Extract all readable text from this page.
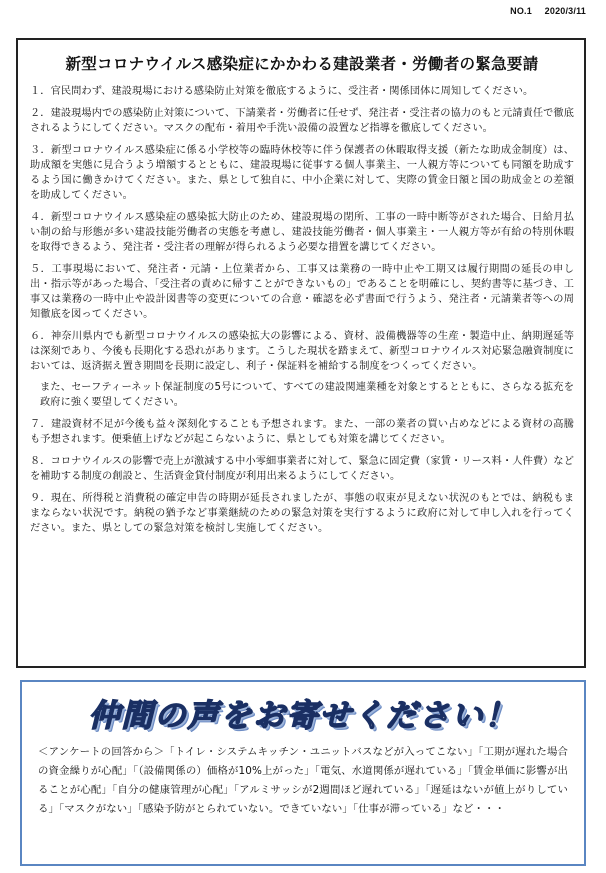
NO.1 2020/3/11
新型コロナウイルス感染症にかかわる建設業者・労働者の緊急要請
１．官民問わず、建設現場における感染防止対策を徹底するように、受注者・関係団体に周知してください。
２．建設現場内での感染防止対策について、下請業者・労働者に任せず、発注者・受注者の協力のもと元請責任で徹底されるようにしてください。マスクの配布・着用や手洗い設備の設置など指導を徹底してください。
３．新型コロナウイルス感染症に係る小学校等の臨時休校等に伴う保護者の休暇取得支援（新たな助成金制度）は、助成額を実態に見合うよう増額するとともに、建設現場に従事する個人事業主、一人親方等についても同額を助成するよう国に働きかけてください。また、県として独自に、中小企業に対して、実際の賃金日額と国の助成金との差額を助成してください。
４．新型コロナウイルス感染症の感染拡大防止のため、建設現場の閉所、工事の一時中断等がされた場合、日給月払い制の給与形態が多い建設技能労働者の実態を考慮し、建設技能労働者・個人事業主・一人親方等が有給の特別休暇を取得できるよう、発注者・受注者の理解が得られるよう必要な措置を講じてください。
５．工事現場において、発注者・元請・上位業者から、工事又は業務の一時中止や工期又は履行期間の延長の申し出・指示等があった場合、「受注者の責めに帰すことができないもの」であることを明確にし、契約書等に基づき、工事又は業務の一時中止や設計図書等の変更についての合意・確認を必ず書面で行うよう、発注者・元請業者等への周知徹底を図ってください。
６．神奈川県内でも新型コロナウイルスの感染拡大の影響による、資材、設備機器等の生産・製造中止、納期遅延等は深刻であり、今後も長期化する恐れがあります。こうした現状を踏まえて、新型コロナウイルス対応緊急融資制度においては、返済据え置き期間を長期に設定し、利子・保証料を補給する制度をつくってください。
また、セーフティーネット保証制度の5号について、すべての建設関連業種を対象とするとともに、さらなる拡充を政府に強く要望してください。
７．建設資材不足が今後も益々深刻化することも予想されます。また、一部の業者の買い占めなどによる資材の高騰も予想されます。便乗値上げなどが起こらないように、県としても対策を講じてください。
８．コロナウイルスの影響で売上が激減する中小零細事業者に対して、緊急に固定費（家賃・リース料・人件費）などを補助する制度の創設と、生活資金貸付制度が利用出来るようにしてください。
９．現在、所得税と消費税の確定申告の時期が延長されましたが、事態の収束が見えない状況のもとでは、納税もままならない状況です。納税の猶予など事業継続のための緊急対策を実行するように政府に対して申し入れを行ってください。また、県としての緊急対策を検討し実施してください。
仲間の声をお寄せください！
＜アンケートの回答から＞「トイレ・システムキッチン・ユニットバスなどが入ってこない」「工期が遅れた場合の資金繰りが心配」「（設備関係の）価格が10%上がった」「電気、水道関係が遅れている」「賃金単価に影響が出ることが心配」「自分の健康管理が心配」「アルミサッシが2週間ほど遅れている」「遅延はないが値上がりしている」「マスクがない」「感染予防がとられていない。できていない」「仕事が滞っている」など・・・
